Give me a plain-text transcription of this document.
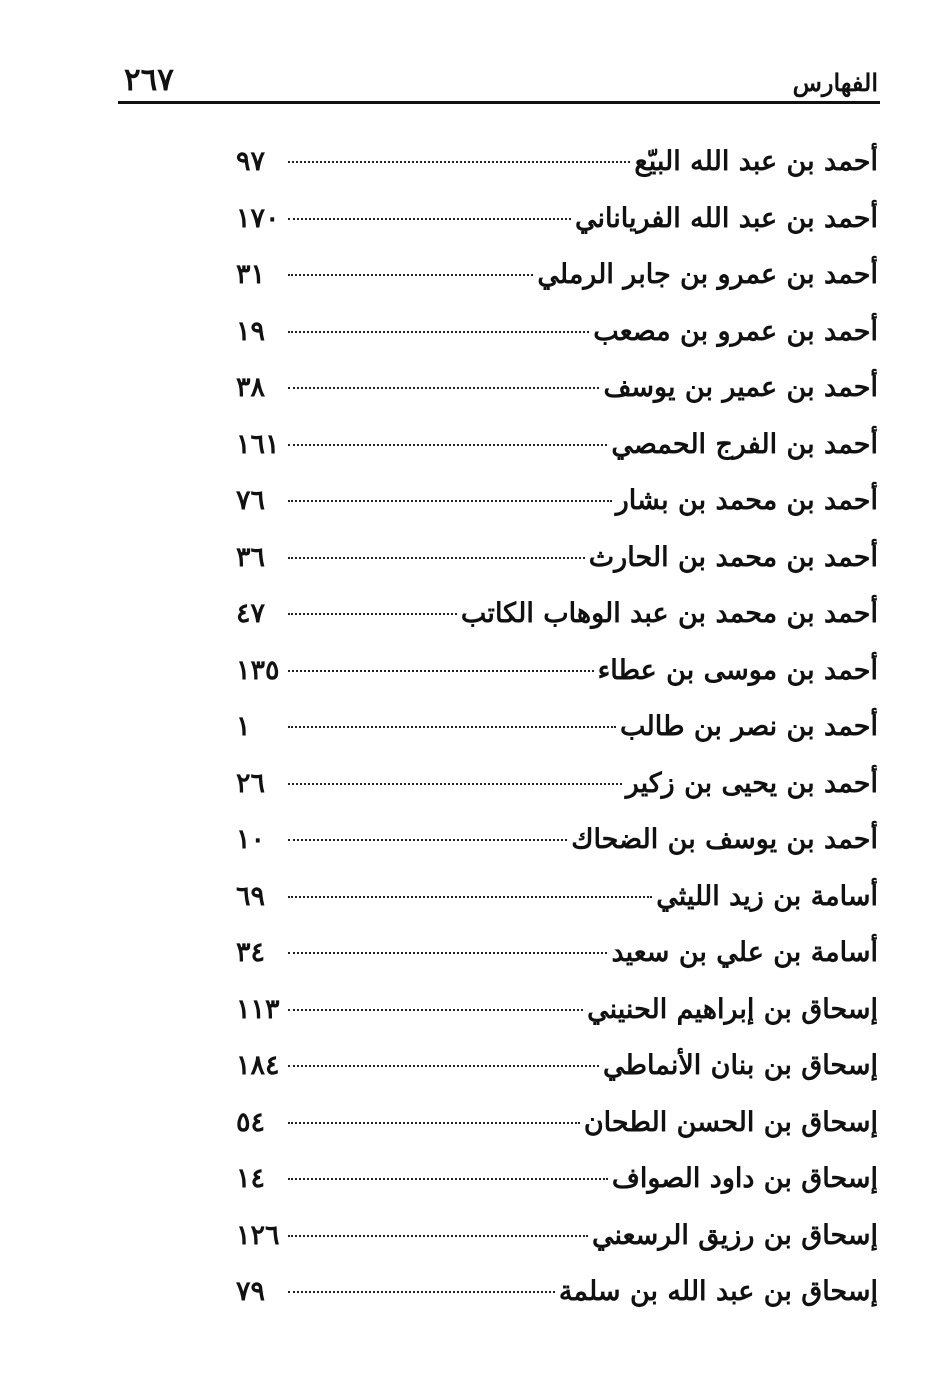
الفهارس
٢٦٧
أحمد بن عبد الله البيّع
٩٧
أحمد بن عبد الله الفرياناني
١٧٠
أحمد بن عمرو بن جابر الرملي
٣١
أحمد بن عمرو بن مصعب
١٩
أحمد بن عمير بن يوسف
٣٨
أحمد بن الفرج الحمصي
١٦١
أحمد بن محمد بن بشار
٧٦
أحمد بن محمد بن الحارث
٣٦
أحمد بن محمد بن عبد الوهاب الكاتب
٤٧
أحمد بن موسى بن عطاء
١٣٥
أحمد بن نصر بن طالب
١
أحمد بن يحيى بن زكير
٢٦
أحمد بن يوسف بن الضحاك
١٠
أسامة بن زيد الليثي
٦٩
أسامة بن علي بن سعيد
٣٤
إسحاق بن إبراهيم الحنيني
١١٣
إسحاق بن بنان الأنماطي
١٨٤
إسحاق بن الحسن الطحان
٥٤
إسحاق بن داود الصواف
١٤
إسحاق بن رزيق الرسعني
١٢٦
إسحاق بن عبد الله بن سلمة
٧٩
